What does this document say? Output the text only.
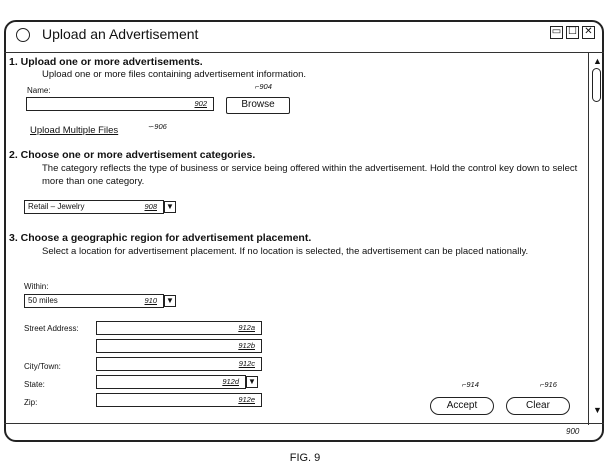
Upload an Advertisement	▭ ☐ ✕
▲
▼
900
1. Upload one or more advertisements.
Upload one or more files containing advertisement information.
Name:
902
⌐904
Browse
Upload Multiple Files	∽906
2. Choose one or more advertisement categories.
The category reflects the type of business or service being offered within the advertisement. Hold the control key down to select more than one category.
Retail – Jewelry	908 ▼
3. Choose a geographic region for advertisement placement.
Select a location for advertisement placement. If no location is selected, the advertisement can be placed nationally.
Within:
50 miles	910 ▼
Street Address:	912a
912b
City/Town:	912c
State:	912d ▼
Zip:	912e
⌐914
Accept
⌐916
Clear
FIG. 9
